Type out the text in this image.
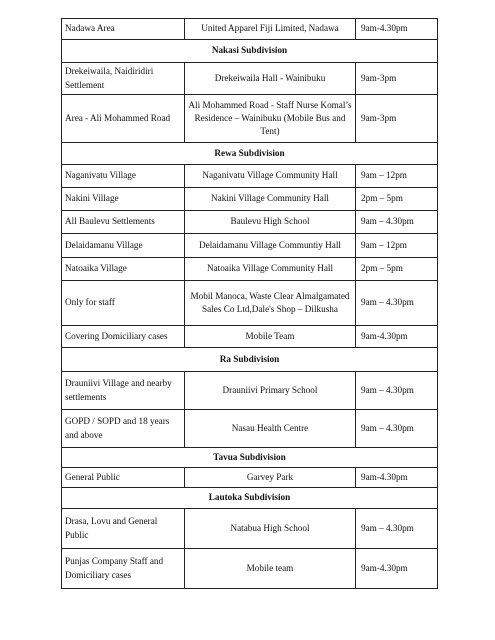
Nadawa Area	United Apparel Fiji Limited, Nadawa	9am-4.30pm
Nakasi Subdivision		
Drekeiwaila, Naidiridiri Settlement	Drekeiwaila Hall - Wainibuku	9am-3pm
Area - Ali Mohammed Road	Ali Mohammed Road - Staff Nurse Komal’s Residence – Wainibuku (Mobile Bus and Tent)	9am-3pm
Rewa Subdivision		
Naganivatu Village	Naganivatu Village Community Hall	9am – 12pm
Nakini Village	Nakini Village Community Hall	2pm – 5pm
All Baulevu Settlements	Baulevu High School	9am – 4.30pm
Delaidamanu Village	Delaidamanu Village Communtiy Hall	9am – 12pm
Natoaika Village	Natoaika Village Community Hall	2pm – 5pm
Only for staff	Mobil Manoca, Waste Clear Almalgamated Sales Co Ltd,Dale's Shop – Dilkusha	9am – 4.30pm
Covering Domiciliary cases	Mobile Team	9am-4.30pm
Ra Subdivision		
Drauniivi Village and nearby settlements	Drauniivi Primary School	9am – 4.30pm
GOPD / SOPD and 18 years and above	Nasau Health Centre	9am – 4.30pm
Tavua Subdivision		
General Public	Garvey Park	9am-4.30pm
Lautoka Subdivision		
Drasa, Lovu and General Public	Natabua High School	9am – 4.30pm
Punjas Company Staff and Domiciliary cases	Mobile team	9am-4.30pm
